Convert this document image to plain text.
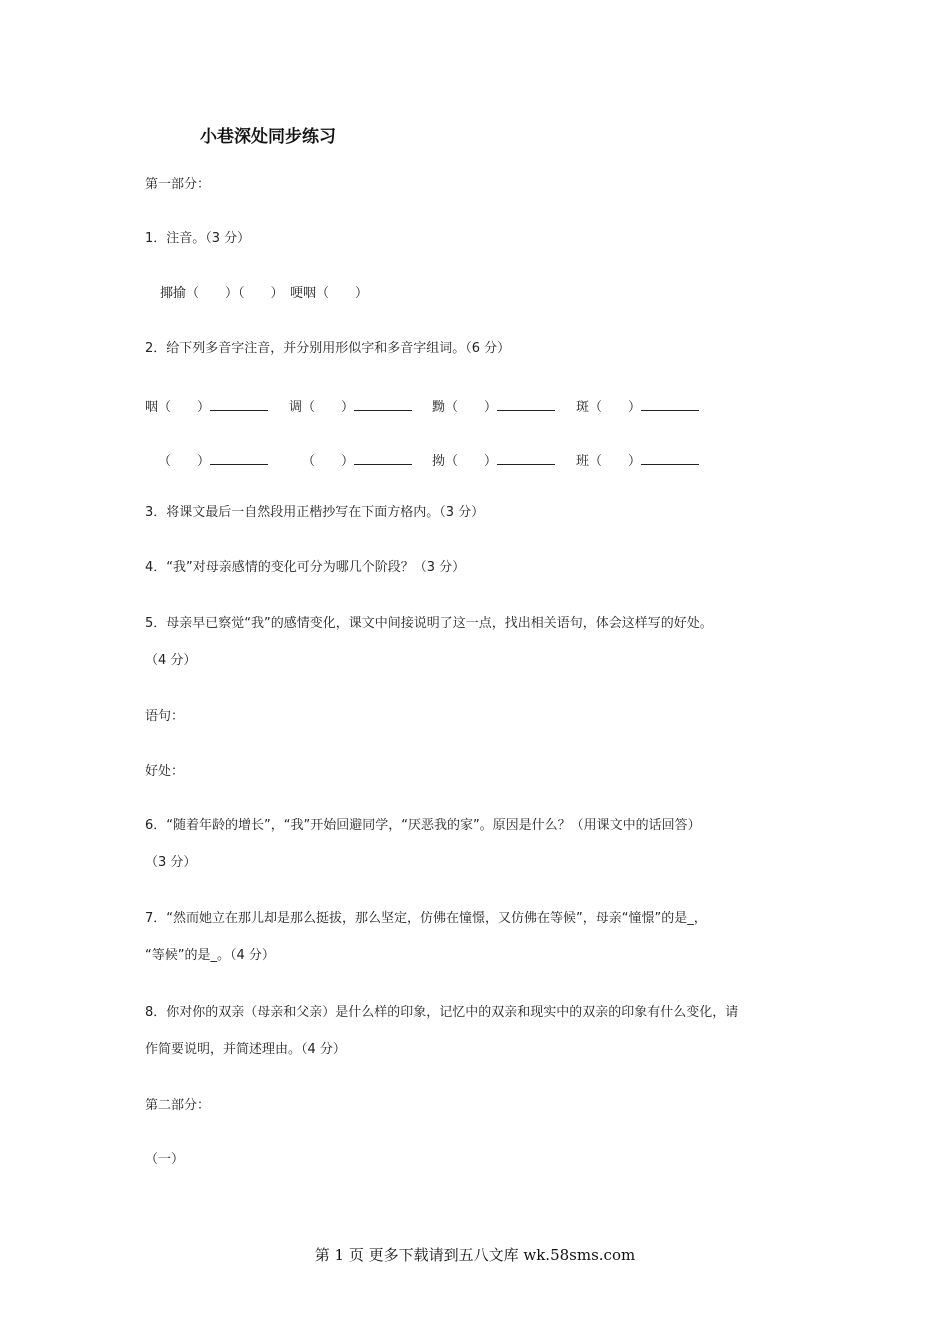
小巷深处同步练习
第一部分：
1．注音。（3 分）
揶揄（　　）（　　）　哽咽（　　）
2．给下列多音字注音，并分别用形似字和多音字组词。（6 分）
咽（　　）	调（　　）	黝（　　）	斑（　　）
（　　）	（　　）	拗（　　）	班（　　）
3．将课文最后一自然段用正楷抄写在下面方格内。（3 分）
4．“我”对母亲感情的变化可分为哪几个阶段？（3 分）
5．母亲早已察觉“我”的感情变化，课文中间接说明了这一点，找出相关语句，体会这样写的好处。
（4 分）
语句：
好处：
6．“随着年龄的增长”，“我”开始回避同学，“厌恶我的家”。原因是什么？（用课文中的话回答）
（3 分）
7．“然而她立在那儿却是那么挺拔，那么坚定，仿佛在憧憬，又仿佛在等候”，母亲“憧憬”的是_，
“等候”的是_。（4 分）
8．你对你的双亲（母亲和父亲）是什么样的印象，记忆中的双亲和现实中的双亲的印象有什么变化，请
作简要说明，并简述理由。（4 分）
第二部分：
（一）
第 1 页 更多下载请到五八文库 wk.58sms.com
